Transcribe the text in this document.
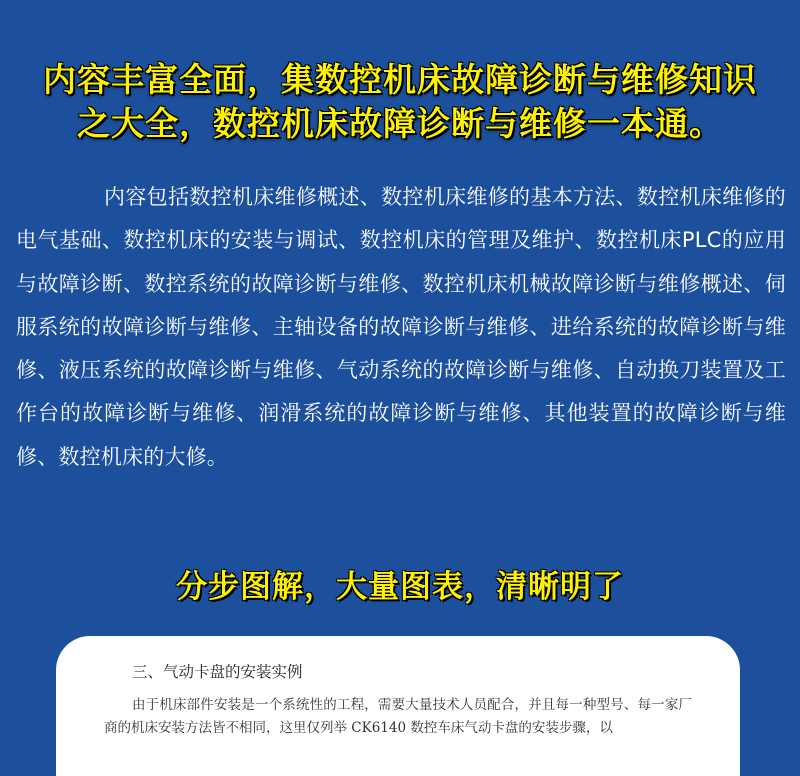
内容丰富全面，集数控机床故障诊断与维修知识
之大全，数控机床故障诊断与维修一本通。

内容包括数控机床维修概述、数控机床维修的基本方法、数控机床维修的电气基础、数控机床的安装与调试、数控机床的管理及维护、数控机床PLC的应用与故障诊断、数控系统的故障诊断与维修、数控机床机械故障诊断与维修概述、伺服系统的故障诊断与维修、主轴设备的故障诊断与维修、进给系统的故障诊断与维修、液压系统的故障诊断与维修、气动系统的故障诊断与维修、自动换刀装置及工作台的故障诊断与维修、润滑系统的故障诊断与维修、其他装置的故障诊断与维修、数控机床的大修。

分步图解，大量图表，清晰明了
三、气动卡盘的安装实例

由于机床部件安装是一个系统性的工程，需要大量技术人员配合，并且每一种型号、每一家厂商的机床安装方法皆不相同，这里仅列举 CK6140 数控车床气动卡盘的安装步骤，以
